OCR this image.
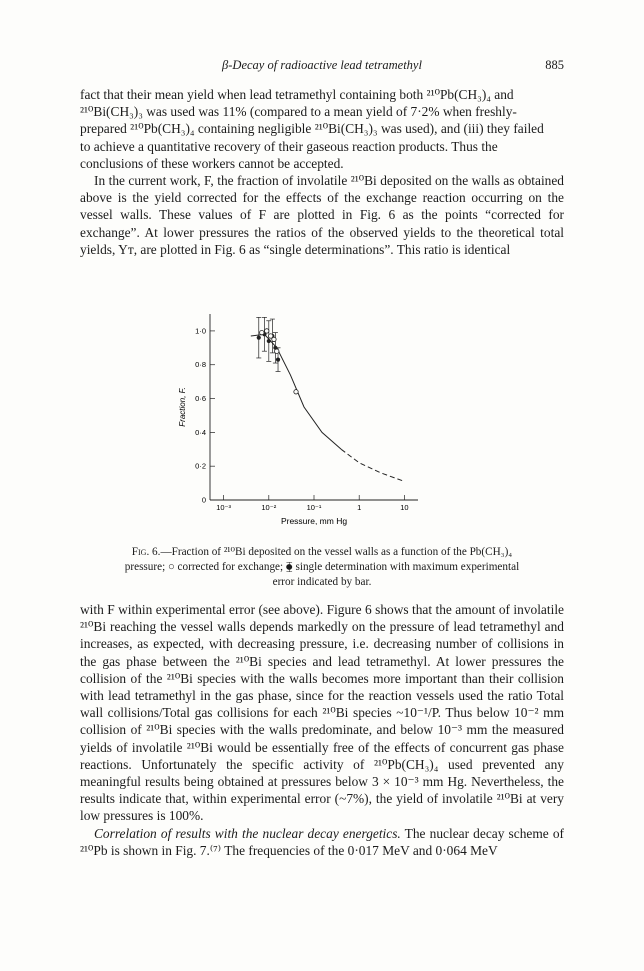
β-Decay of radioactive lead tetramethyl	885

fact that their mean yield when lead tetramethyl containing both ²¹⁰Pb(CH₃)₄ and
²¹⁰Bi(CH₃)₃ was used was 11% (compared to a mean yield of 7·2% when freshly-
prepared ²¹⁰Pb(CH₃)₄ containing negligible ²¹⁰Bi(CH₃)₃ was used), and (iii) they failed
to achieve a quantitative recovery of their gaseous reaction products. Thus the
conclusions of these workers cannot be accepted.

In the current work, F, the fraction of involatile ²¹⁰Bi deposited on the walls as obtained above is the yield corrected for the effects of the exchange reaction occurring on the vessel walls. These values of F are plotted in Fig. 6 as the points “corrected for exchange”. At lower pressures the ratios of the observed yields to the theoretical total yields, Yᴛ, are plotted in Fig. 6 as “single determinations”. This ratio is identical

10⁻³	10⁻²	10⁻¹	1	10
0
0·2
0·4
0·6
0·8
1·0
Pressure, mm Hg
Fraction, F.
Fig. 6.—Fraction of ²¹⁰Bi deposited on the vessel walls as a function of the Pb(CH₃)₄ pressure; ○ corrected for exchange; ⧳ single determination with maximum experimental error indicated by bar.

with F within experimental error (see above). Figure 6 shows that the amount of involatile ²¹⁰Bi reaching the vessel walls depends markedly on the pressure of lead tetramethyl and increases, as expected, with decreasing pressure, i.e. decreasing number of collisions in the gas phase between the ²¹⁰Bi species and lead tetramethyl. At lower pressures the collision of the ²¹⁰Bi species with the walls becomes more important than their collision with lead tetramethyl in the gas phase, since for the reaction vessels used the ratio Total wall collisions/Total gas collisions for each ²¹⁰Bi species ~10⁻¹/P. Thus below 10⁻² mm collision of ²¹⁰Bi species with the walls predominate, and below 10⁻³ mm the measured yields of involatile ²¹⁰Bi would be essentially free of the effects of concurrent gas phase reactions. Unfortunately the specific activity of ²¹⁰Pb(CH₃)₄ used prevented any meaningful results being obtained at pressures below 3 × 10⁻³ mm Hg. Nevertheless, the results indicate that, within experimental error (~7%), the yield of involatile ²¹⁰Bi at very low pressures is 100%.

Correlation of results with the nuclear decay energetics. The nuclear decay scheme of ²¹⁰Pb is shown in Fig. 7.⁽⁷⁾ The frequencies of the 0·017 MeV and 0·064 MeV
